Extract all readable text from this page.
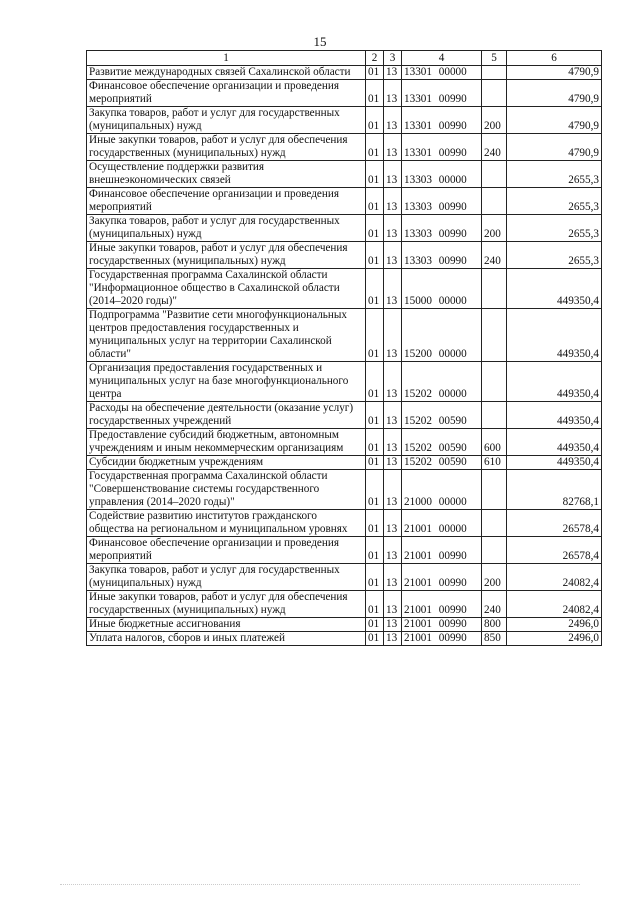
15
1	2	3	4	5	6
Развитие международных связей Сахалинской области	01	13	13301 00000		4790,9
Финансовое обеспечение организации и проведения мероприятий	01	13	13301 00990		4790,9
Закупка товаров, работ и услуг для государственных (муниципальных) нужд	01	13	13301 00990	200	4790,9
Иные закупки товаров, работ и услуг для обеспечения государственных (муниципальных) нужд	01	13	13301 00990	240	4790,9
Осуществление поддержки развития внешнеэкономических связей	01	13	13303 00000		2655,3
Финансовое обеспечение организации и проведения мероприятий	01	13	13303 00990		2655,3
Закупка товаров, работ и услуг для государственных (муниципальных) нужд	01	13	13303 00990	200	2655,3
Иные закупки товаров, работ и услуг для обеспечения государственных (муниципальных) нужд	01	13	13303 00990	240	2655,3
Государственная программа Сахалинской области "Информационное общество в Сахалинской области (2014–2020 годы)"	01	13	15000 00000		449350,4
Подпрограмма "Развитие сети многофункциональных центров предоставления государственных и муниципальных услуг на территории Сахалинской области"	01	13	15200 00000		449350,4
Организация предоставления государственных и муниципальных услуг на базе многофункционального центра	01	13	15202 00000		449350,4
Расходы на обеспечение деятельности (оказание услуг) государственных учреждений	01	13	15202 00590		449350,4
Предоставление субсидий бюджетным, автономным учреждениям и иным некоммерческим организациям	01	13	15202 00590	600	449350,4
Субсидии бюджетным учреждениям	01	13	15202 00590	610	449350,4
Государственная программа Сахалинской области "Совершенствование системы государственного управления (2014–2020 годы)"	01	13	21000 00000		82768,1
Содействие развитию институтов гражданского общества на региональном и муниципальном уровнях	01	13	21001 00000		26578,4
Финансовое обеспечение организации и проведения мероприятий	01	13	21001 00990		26578,4
Закупка товаров, работ и услуг для государственных (муниципальных) нужд	01	13	21001 00990	200	24082,4
Иные закупки товаров, работ и услуг для обеспечения государственных (муниципальных) нужд	01	13	21001 00990	240	24082,4
Иные бюджетные ассигнования	01	13	21001 00990	800	2496,0
Уплата налогов, сборов и иных платежей	01	13	21001 00990	850	2496,0
